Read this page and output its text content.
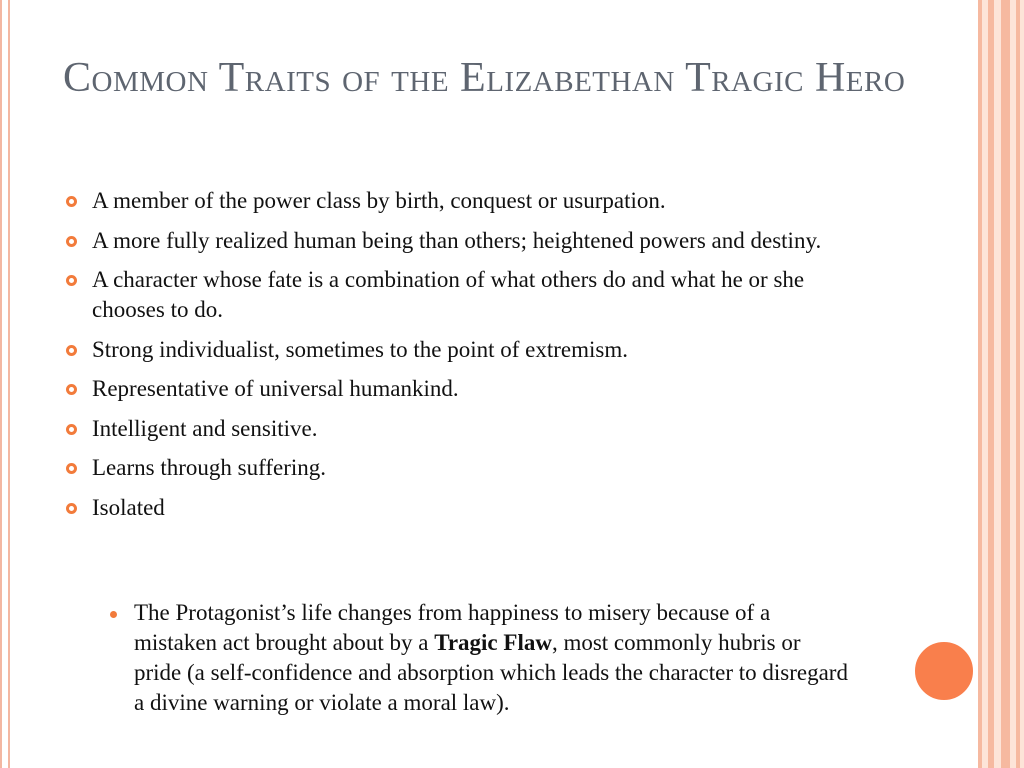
Common Traits of the Elizabethan Tragic Hero
A member of the power class by birth, conquest or usurpation.
A more fully realized human being than others; heightened powers and destiny.
A character whose fate is a combination of what others do and what he or she chooses to do.
Strong individualist, sometimes to the point of extremism.
Representative of universal humankind.
Intelligent and sensitive.
Learns through suffering.
Isolated
The Protagonist’s life changes from happiness to misery because of a mistaken act brought about by a Tragic Flaw, most commonly hubris or pride (a self-confidence and absorption which leads the character to disregard a divine warning or violate a moral law).
